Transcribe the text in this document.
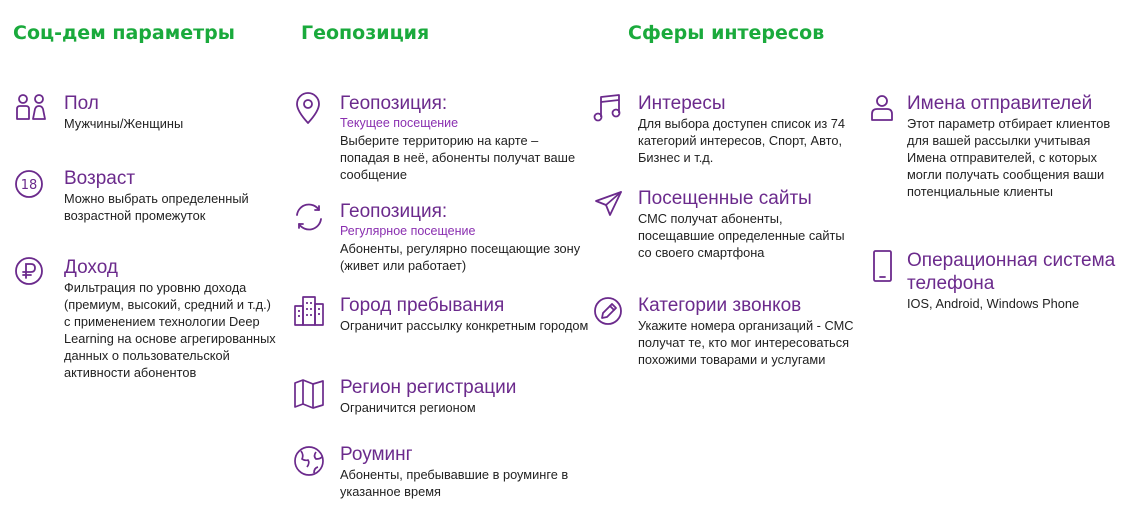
Соц-дем параметры	Геопозиция	Сферы интересов

Пол

Мужчины/Женщины

18 Возраст

Можно выбрать определенный возрастной промежуток

Доход

Фильтрация по уровню дохода (премиум, высокий, средний и т.д.) с применением технологии Deep Learning на основе агрегированных данных о пользовательской активности абонентов

Геопозиция:

Текущее посещение

Выберите территорию на карте – попадая в неё, абоненты получат ваше сообщение

Геопозиция:

Регулярное посещение

Абоненты, регулярно посещающие зону (живет или работает)

Город пребывания

Ограничит рассылку конкретным городом

Регион регистрации

Ограничится регионом

Роуминг

Абоненты, пребывавшие в роуминге в указанное время

Интересы

Для выбора доступен список из 74 категорий интересов, Спорт, Авто, Бизнес и т.д.

Посещенные сайты

СМС получат абоненты, посещавшие определенные сайты со своего смартфона

Категории звонков

Укажите номера организаций - СМС получат те, кто мог интересоваться похожими товарами и услугами

Имена отправителей

Этот параметр отбирает клиентов для вашей рассылки учитывая Имена отправителей, с которых могли получать сообщения ваши потенциальные клиенты

Операционная система телефона

IOS, Android, Windows Phone
